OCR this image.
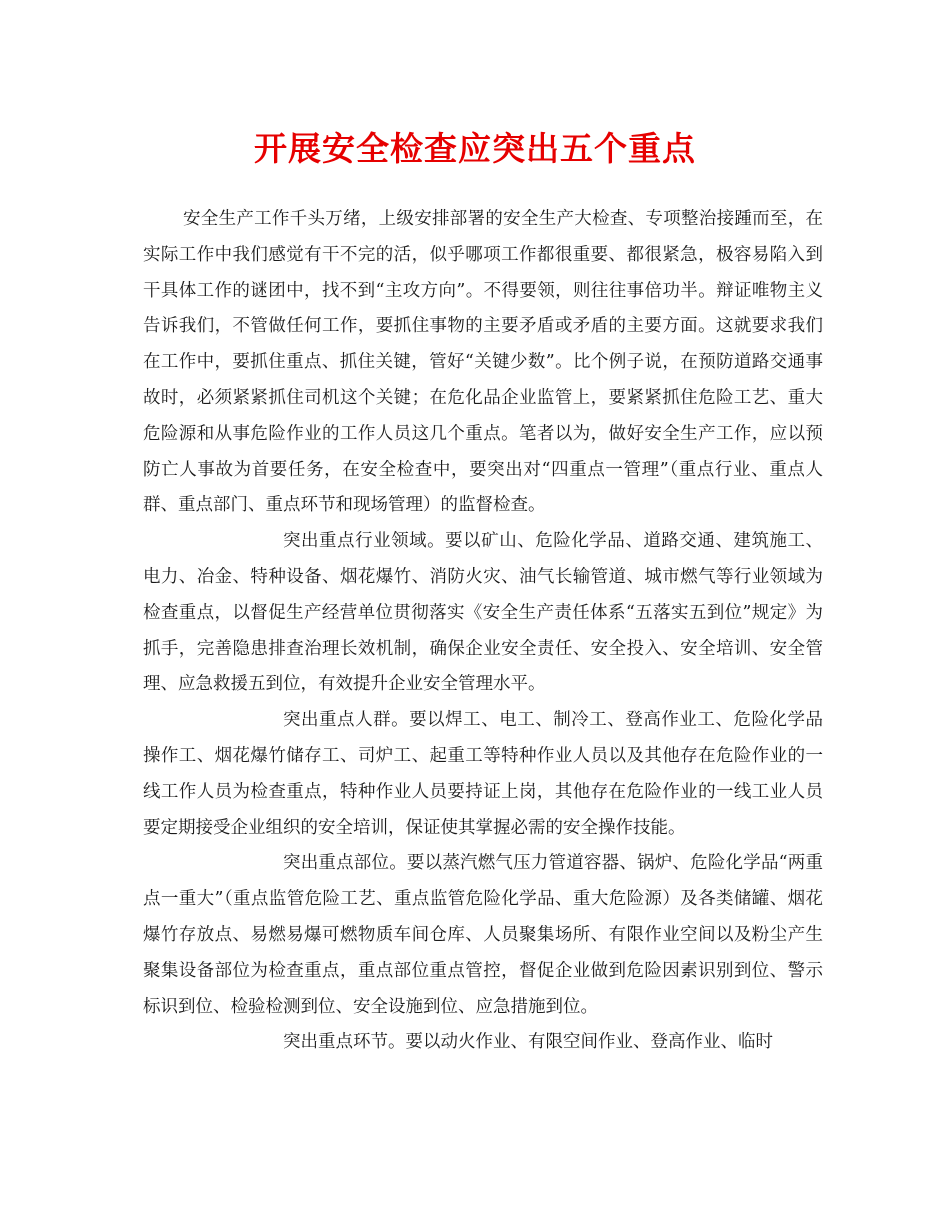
开展安全检查应突出五个重点

安全生产工作千头万绪，上级安排部署的安全生产大检查、专项整治接踵而至，在实际工作中我们感觉有干不完的活，似乎哪项工作都很重要、都很紧急，极容易陷入到干具体工作的谜团中，找不到“主攻方向”。不得要领，则往往事倍功半。辩证唯物主义告诉我们，不管做任何工作，要抓住事物的主要矛盾或矛盾的主要方面。这就要求我们在工作中，要抓住重点、抓住关键，管好“关键少数”。比个例子说，在预防道路交通事故时，必须紧紧抓住司机这个关键；在危化品企业监管上，要紧紧抓住危险工艺、重大危险源和从事危险作业的工作人员这几个重点。笔者以为，做好安全生产工作，应以预防亡人事故为首要任务，在安全检查中，要突出对“四重点一管理”（重点行业、重点人群、重点部门、重点环节和现场管理）的监督检查。

突出重点行业领域。要以矿山、危险化学品、道路交通、建筑施工、电力、冶金、特种设备、烟花爆竹、消防火灾、油气长输管道、城市燃气等行业领域为检查重点，以督促生产经营单位贯彻落实《安全生产责任体系“五落实五到位”规定》为抓手，完善隐患排查治理长效机制，确保企业安全责任、安全投入、安全培训、安全管理、应急救援五到位，有效提升企业安全管理水平。

突出重点人群。要以焊工、电工、制冷工、登高作业工、危险化学品操作工、烟花爆竹储存工、司炉工、起重工等特种作业人员以及其他存在危险作业的一线工作人员为检查重点，特种作业人员要持证上岗，其他存在危险作业的一线工业人员要定期接受企业组织的安全培训，保证使其掌握必需的安全操作技能。

突出重点部位。要以蒸汽燃气压力管道容器、锅炉、危险化学品“两重点一重大”（重点监管危险工艺、重点监管危险化学品、重大危险源）及各类储罐、烟花爆竹存放点、易燃易爆可燃物质车间仓库、人员聚集场所、有限作业空间以及粉尘产生聚集设备部位为检查重点，重点部位重点管控，督促企业做到危险因素识别到位、警示标识到位、检验检测到位、安全设施到位、应急措施到位。

突出重点环节。要以动火作业、有限空间作业、登高作业、临时
